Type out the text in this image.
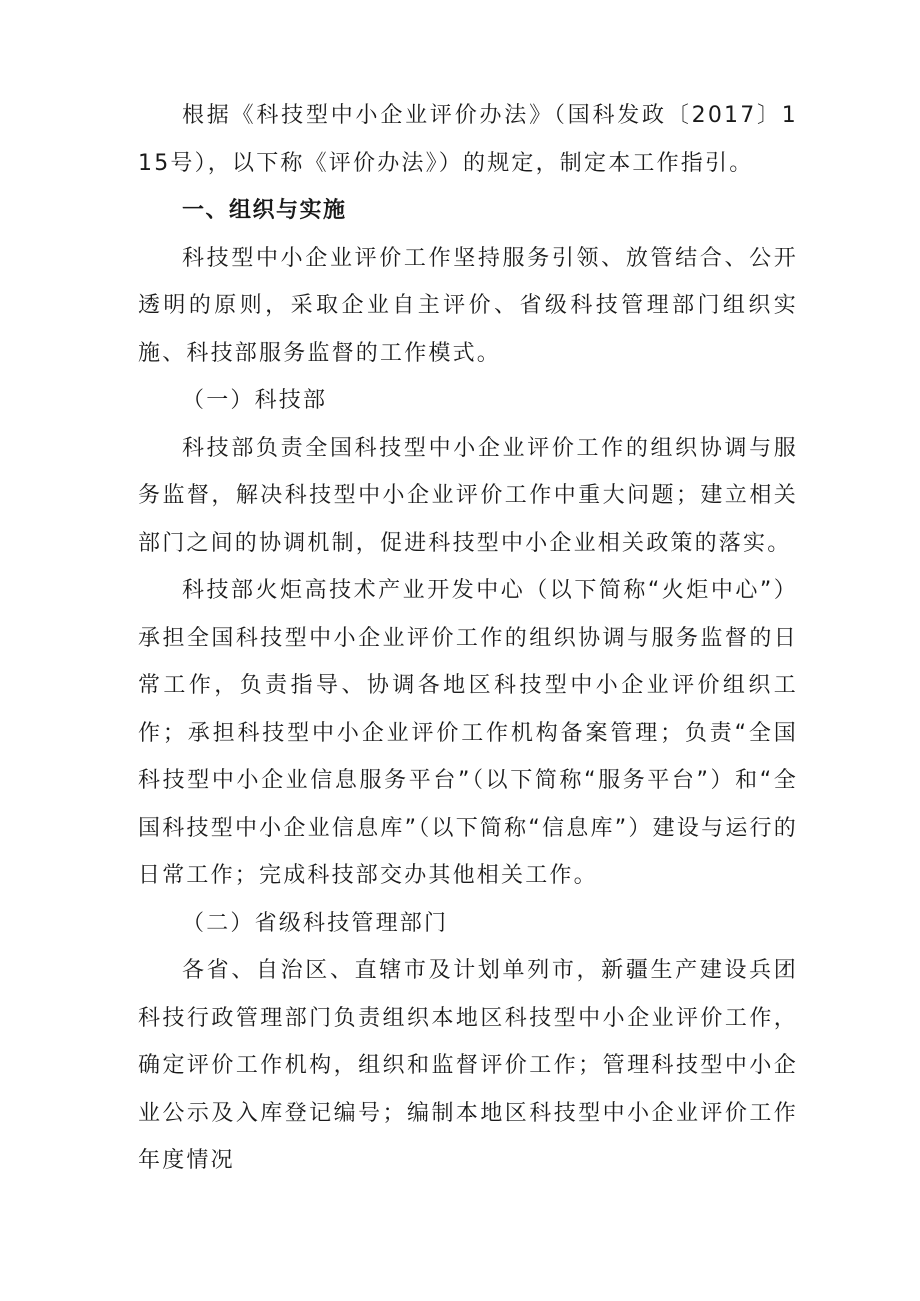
根据《科技型中小企业评价办法》（国科发政〔2017〕115号），以下称《评价办法》）的规定，制定本工作指引。

一、组织与实施

科技型中小企业评价工作坚持服务引领、放管结合、公开透明的原则，采取企业自主评价、省级科技管理部门组织实施、科技部服务监督的工作模式。

（一）科技部

科技部负责全国科技型中小企业评价工作的组织协调与服务监督，解决科技型中小企业评价工作中重大问题；建立相关部门之间的协调机制，促进科技型中小企业相关政策的落实。

科技部火炬高技术产业开发中心（以下简称“火炬中心”）承担全国科技型中小企业评价工作的组织协调与服务监督的日常工作，负责指导、协调各地区科技型中小企业评价组织工作；承担科技型中小企业评价工作机构备案管理；负责“全国科技型中小企业信息服务平台”（以下简称“服务平台”）和“全国科技型中小企业信息库”（以下简称“信息库”）建设与运行的日常工作；完成科技部交办其他相关工作。

（二）省级科技管理部门

各省、自治区、直辖市及计划单列市，新疆生产建设兵团科技行政管理部门负责组织本地区科技型中小企业评价工作，确定评价工作机构，组织和监督评价工作；管理科技型中小企业公示及入库登记编号；编制本地区科技型中小企业评价工作年度情况
